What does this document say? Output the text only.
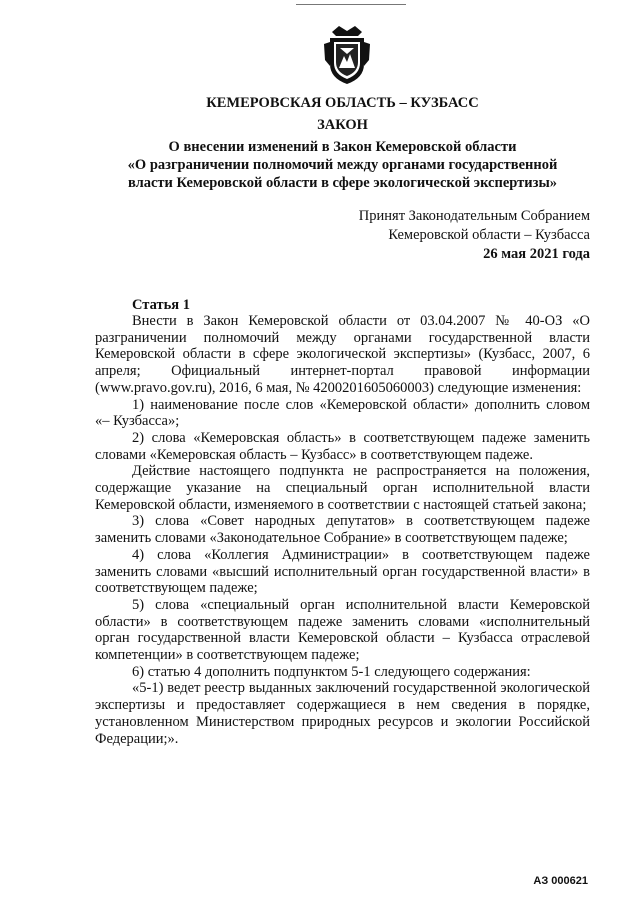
КЕМЕРОВСКАЯ ОБЛАСТЬ – КУЗБАСС
ЗАКОН
О внесении изменений в Закон Кемеровской области
«О разграничении полномочий между органами государственной
власти Кемеровской области в сфере экологической экспертизы»
Принят Законодательным Собранием
Кемеровской области – Кузбасса
26 мая 2021 года
Статья 1

Внести в Закон Кемеровской области от 03.04.2007 № 40-ОЗ «О разграничении полномочий между органами государственной власти Кемеровской области в сфере экологической экспертизы» (Кузбасс, 2007, 6 апреля; Официальный интернет-портал правовой информации (www.pravo.gov.ru), 2016, 6 мая, № 4200201605060003) следующие изменения:

1) наименование после слов «Кемеровской области» дополнить словом «– Кузбасса»;

2) слова «Кемеровская область» в соответствующем падеже заменить словами «Кемеровская область – Кузбасс» в соответствующем падеже.

Действие настоящего подпункта не распространяется на положения, содержащие указание на специальный орган исполнительной власти Кемеровской области, изменяемого в соответствии с настоящей статьей закона;

3) слова «Совет народных депутатов» в соответствующем падеже заменить словами «Законодательное Собрание» в соответствующем падеже;

4) слова «Коллегия Администрации» в соответствующем падеже заменить словами «высший исполнительный орган государственной власти» в соответствующем падеже;

5) слова «специальный орган исполнительной власти Кемеровской области» в соответствующем падеже заменить словами «исполнительный орган государственной власти Кемеровской области – Кузбасса отраслевой компетенции» в соответствующем падеже;

6) статью 4 дополнить подпунктом 5-1 следующего содержания:

«5-1) ведет реестр выданных заключений государственной экологической экспертизы и предоставляет содержащиеся в нем сведения в порядке, установленном Министерством природных ресурсов и экологии Российской Федерации;».

АЗ 000621
